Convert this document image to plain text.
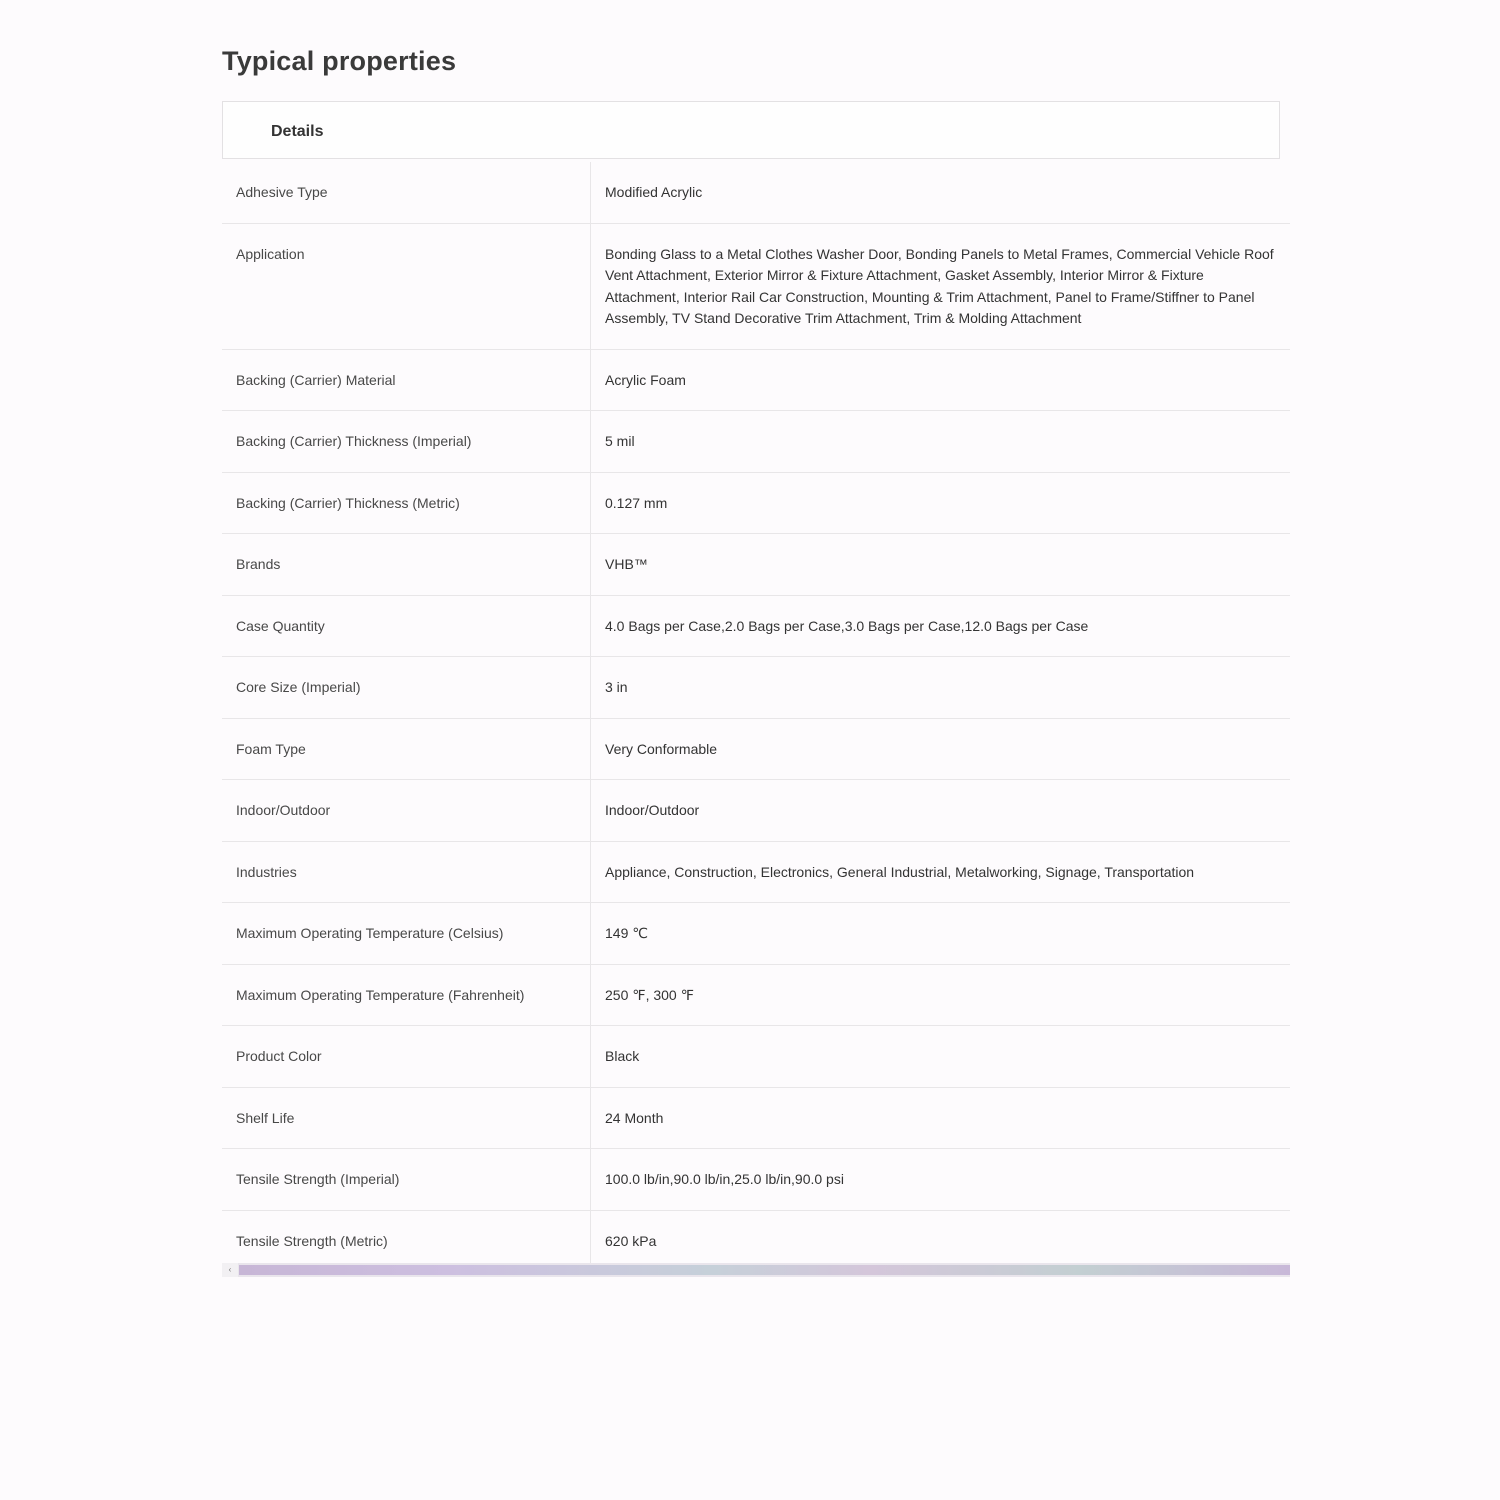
Typical properties
Details
Adhesive Type	Modified Acrylic
Application	Bonding Glass to a Metal Clothes Washer Door, Bonding Panels to Metal Frames, Commercial Vehicle Roof Vent Attachment, Exterior Mirror & Fixture Attachment, Gasket Assembly, Interior Mirror & Fixture Attachment, Interior Rail Car Construction, Mounting & Trim Attachment, Panel to Frame/Stiffner to Panel Assembly, TV Stand Decorative Trim Attachment, Trim & Molding Attachment
Backing (Carrier) Material	Acrylic Foam
Backing (Carrier) Thickness (Imperial)	5 mil
Backing (Carrier) Thickness (Metric)	0.127 mm
Brands	VHB™
Case Quantity	4.0 Bags per Case,2.0 Bags per Case,3.0 Bags per Case,12.0 Bags per Case
Core Size (Imperial)	3 in
Foam Type	Very Conformable
Indoor/Outdoor	Indoor/Outdoor
Industries	Appliance, Construction, Electronics, General Industrial, Metalworking, Signage, Transportation
Maximum Operating Temperature (Celsius)	149 ℃
Maximum Operating Temperature (Fahrenheit)	250 ℉, 300 ℉
Product Color	Black
Shelf Life	24 Month
Tensile Strength (Imperial)	100.0 lb/in,90.0 lb/in,25.0 lb/in,90.0 psi
Tensile Strength (Metric)	620 kPa
‹
